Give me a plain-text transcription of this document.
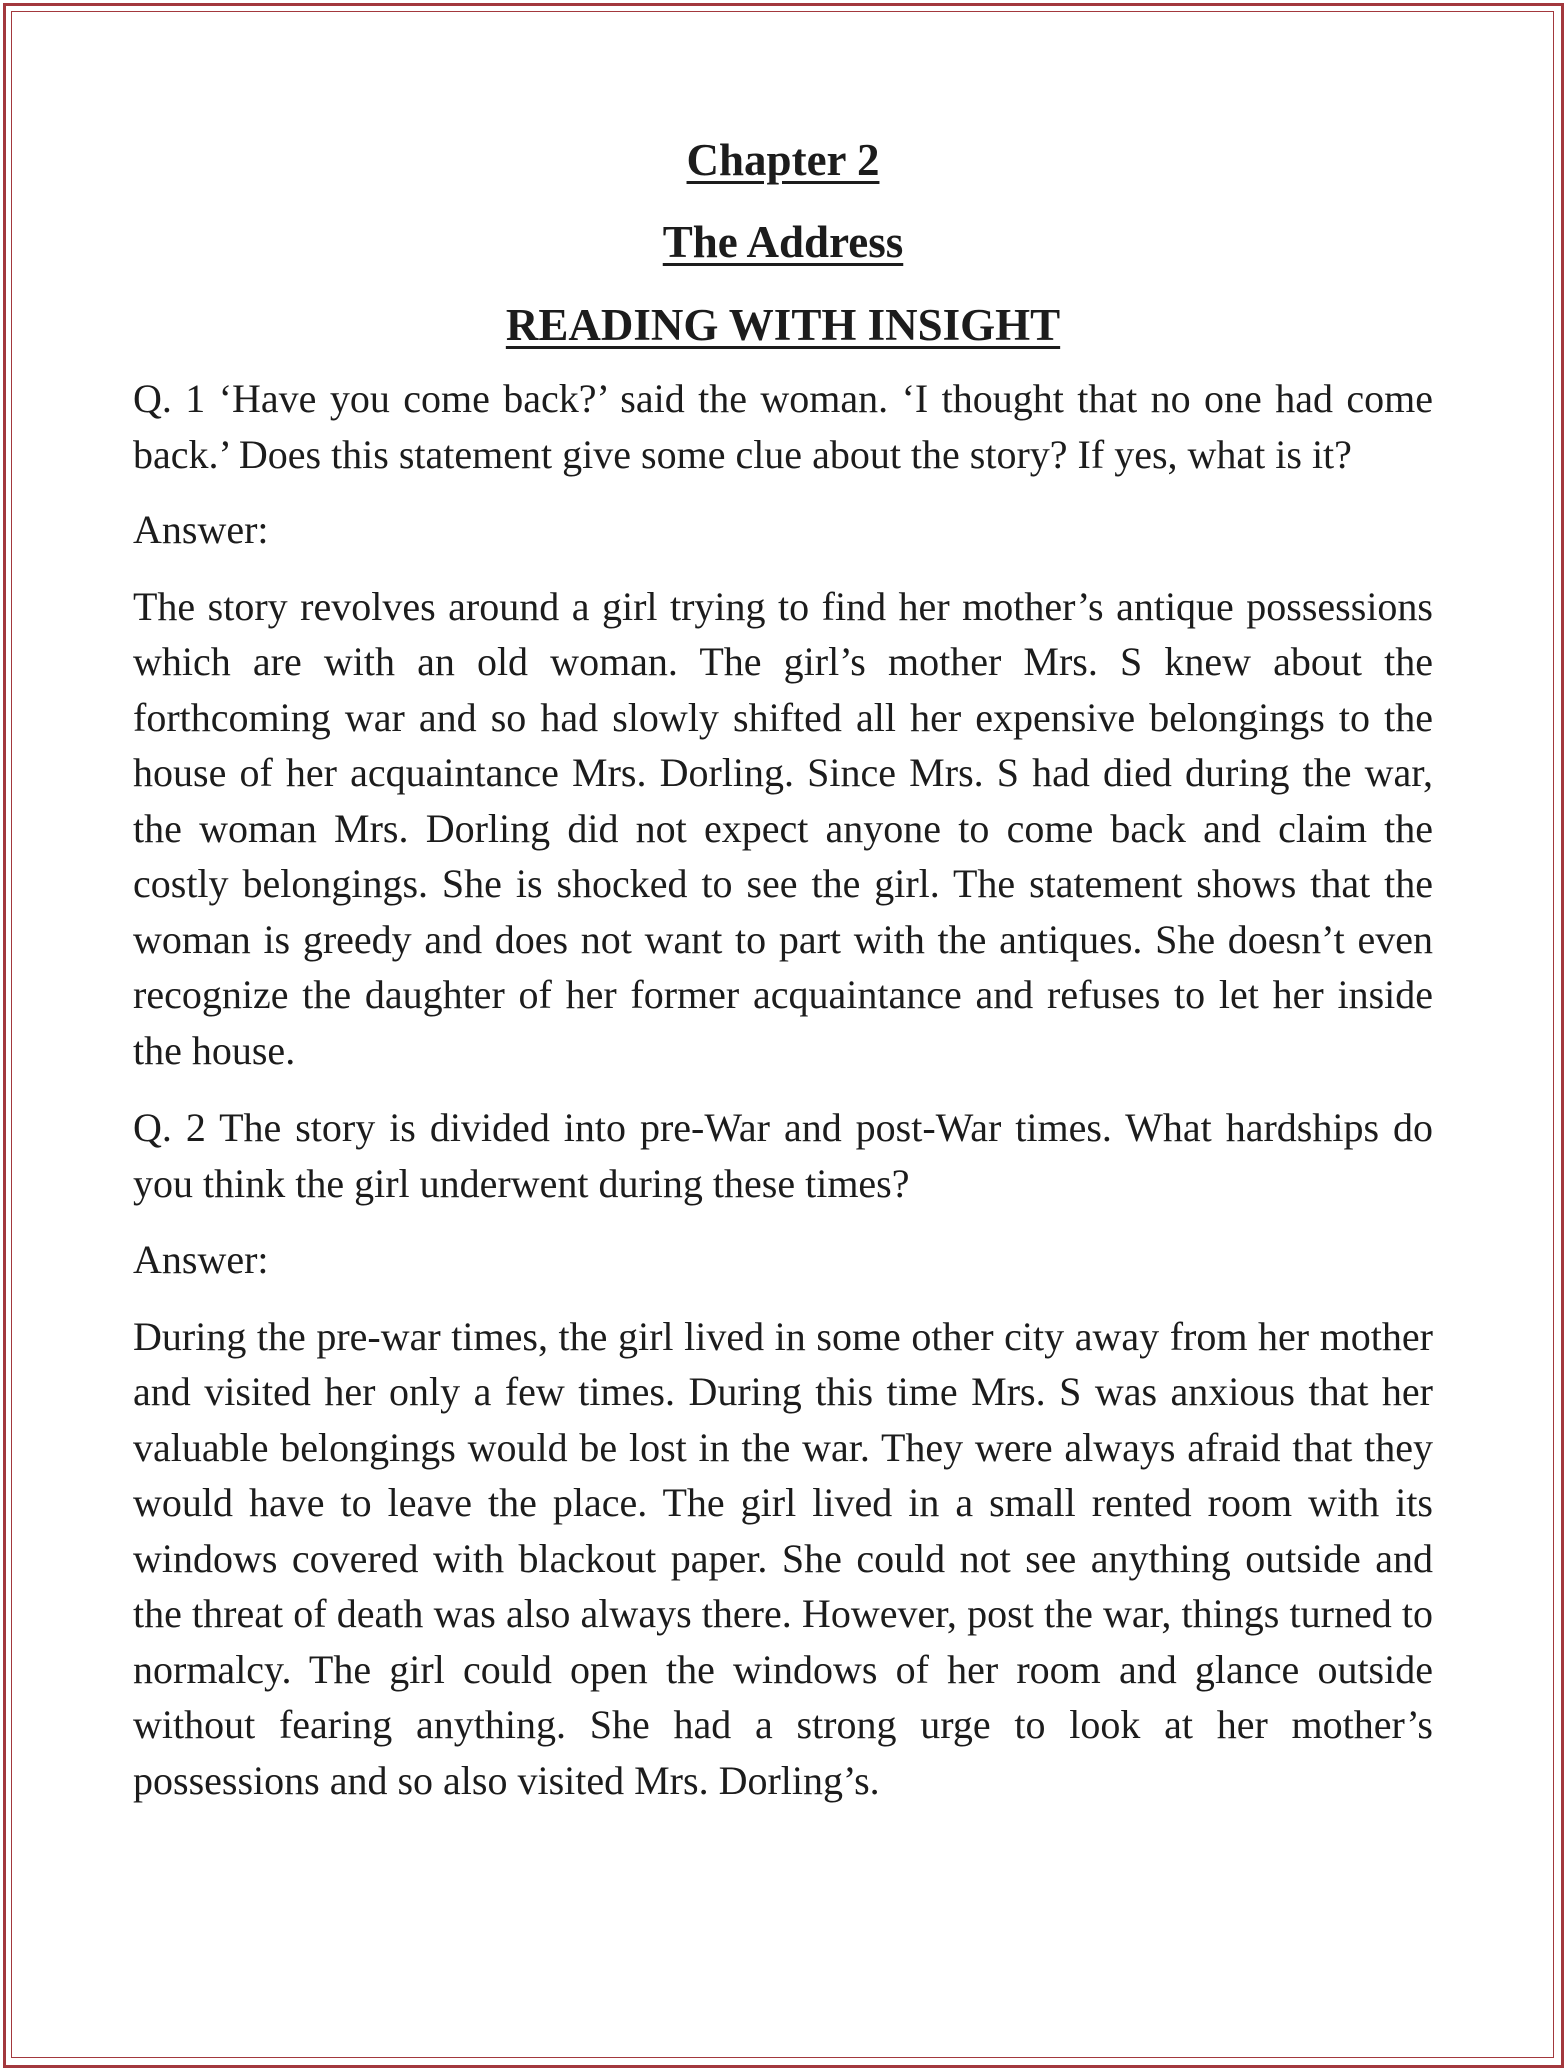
Chapter 2
The Address
READING WITH INSIGHT

Q. 1 ‘Have you come back?’ said the woman. ‘I thought that no one had come back.’ Does this statement give some clue about the story? If yes, what is it?

Answer:

The story revolves around a girl trying to find her mother’s antique possessions which are with an old woman. The girl’s mother Mrs. S knew about the forthcoming war and so had slowly shifted all her expensive belongings to the house of her acquaintance Mrs. Dorling. Since Mrs. S had died during the war, the woman Mrs. Dorling did not expect anyone to come back and claim the costly belongings. She is shocked to see the girl. The statement shows that the woman is greedy and does not want to part with the antiques. She doesn’t even recognize the daughter of her former acquaintance and refuses to let her inside the house.

Q. 2 The story is divided into pre-War and post-War times. What hardships do you think the girl underwent during these times?

Answer:

During the pre-war times, the girl lived in some other city away from her mother and visited her only a few times. During this time Mrs. S was anxious that her valuable belongings would be lost in the war. They were always afraid that they would have to leave the place. The girl lived in a small rented room with its windows covered with blackout paper. She could not see anything outside and the threat of death was also always there. However, post the war, things turned to normalcy. The girl could open the windows of her room and glance outside without fearing anything. She had a strong urge to look at her mother’s possessions and so also visited Mrs. Dorling’s.
